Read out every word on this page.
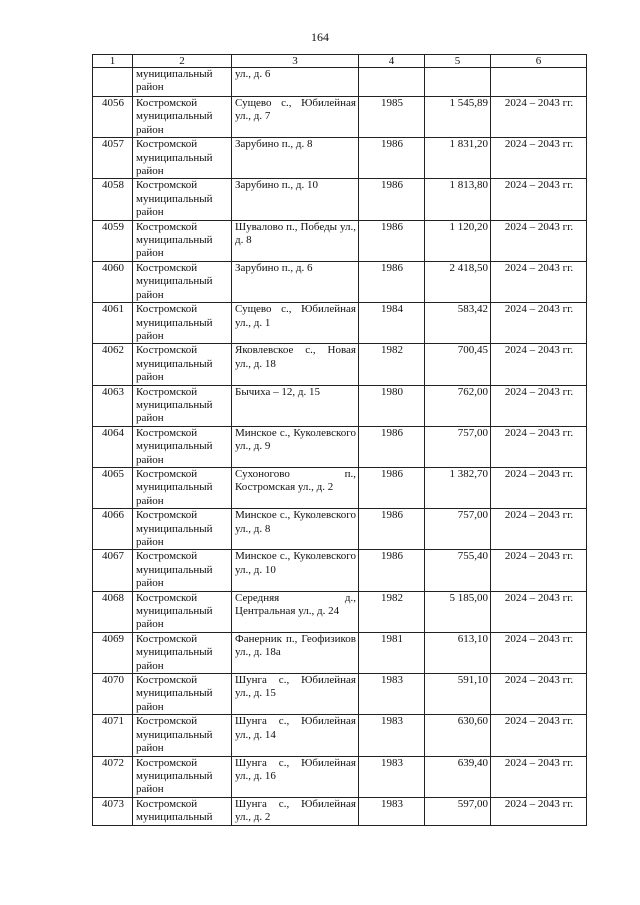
164
1	2	3	4	5	6
	муниципальный район	ул., д. 6			
4056	Костромской муниципальный район	Сущево с., Юбилейная ул., д. 7	1985	1 545,89	2024 – 2043 гг.
4057	Костромской муниципальный район	Зарубино п., д. 8	1986	1 831,20	2024 – 2043 гг.
4058	Костромской муниципальный район	Зарубино п., д. 10	1986	1 813,80	2024 – 2043 гг.
4059	Костромской муниципальный район	Шувалово п., Победы ул., д. 8	1986	1 120,20	2024 – 2043 гг.
4060	Костромской муниципальный район	Зарубино п., д. 6	1986	2 418,50	2024 – 2043 гг.
4061	Костромской муниципальный район	Сущево с., Юбилейная ул., д. 1	1984	583,42	2024 – 2043 гг.
4062	Костромской муниципальный район	Яковлевское с., Новая ул., д. 18	1982	700,45	2024 – 2043 гг.
4063	Костромской муниципальный район	Бычиха – 12, д. 15	1980	762,00	2024 – 2043 гг.
4064	Костромской муниципальный район	Минское с., Куколевского ул., д. 9	1986	757,00	2024 – 2043 гг.
4065	Костромской муниципальный район	Сухоногово п., Костромская ул., д. 2	1986	1 382,70	2024 – 2043 гг.
4066	Костромской муниципальный район	Минское с., Куколевского ул., д. 8	1986	757,00	2024 – 2043 гг.
4067	Костромской муниципальный район	Минское с., Куколевского ул., д. 10	1986	755,40	2024 – 2043 гг.
4068	Костромской муниципальный район	Середняя д., Центральная ул., д. 24	1982	5 185,00	2024 – 2043 гг.
4069	Костромской муниципальный район	Фанерник п., Геофизиков ул., д. 18а	1981	613,10	2024 – 2043 гг.
4070	Костромской муниципальный район	Шунга с., Юбилейная ул., д. 15	1983	591,10	2024 – 2043 гг.
4071	Костромской муниципальный район	Шунга с., Юбилейная ул., д. 14	1983	630,60	2024 – 2043 гг.
4072	Костромской муниципальный район	Шунга с., Юбилейная ул., д. 16	1983	639,40	2024 – 2043 гг.
4073	Костромской муниципальный	Шунга с., Юбилейная ул., д. 2	1983	597,00	2024 – 2043 гг.
